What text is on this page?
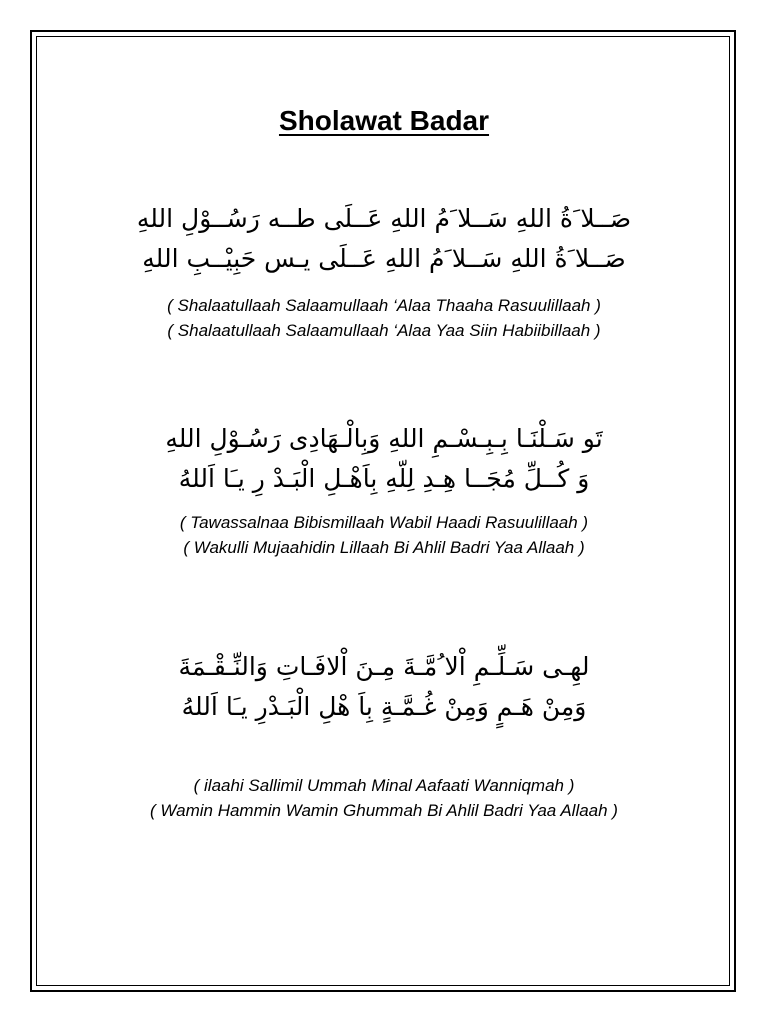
Sholawat Badar
صَــلا َةُ اللهِ سَــلا َمُ اللهِ عَــلَى طــه رَسُــوْلِ اللهِ
صَــلا َةُ اللهِ سَــلا َمُ اللهِ عَــلَى يـس حَبِيْــبِ اللهِ
( Shalaatullaah Salaamullaah ‘Alaa Thaaha Rasuulillaah )
( Shalaatullaah Salaamullaah ‘Alaa Yaa Siin Habiibillaah )
تَو سَـلْنَـا بِـبِـسْـمِ اللهِ وَبِالْـهَادِى رَسُـوْلِ اللهِ
وَ كُــلِّ مُجَــا هِـدِ لِلّهِ بِاَهْـلِ الْبَـدْ رِ يـَا اَللهُ
( Tawassalnaa Bibismillaah Wabil Haadi Rasuulillaah )
( Wakulli Mujaahidin Lillaah Bi Ahlil Badri Yaa Allaah )
لهِـى سَـلِّـمِ اْلا ُمَّـةَ مِـنَ اْلافَـاتِ وَالنِّـقْـمَةَ
وَمِنْ هَـمٍ وَمِنْ غُـمَّـةٍ بِاَ هْلِ الْبَـدْرِ يـَا اَللهُ
( ilaahi Sallimil Ummah Minal Aafaati Wanniqmah )
( Wamin Hammin Wamin Ghummah Bi Ahlil Badri Yaa Allaah )
